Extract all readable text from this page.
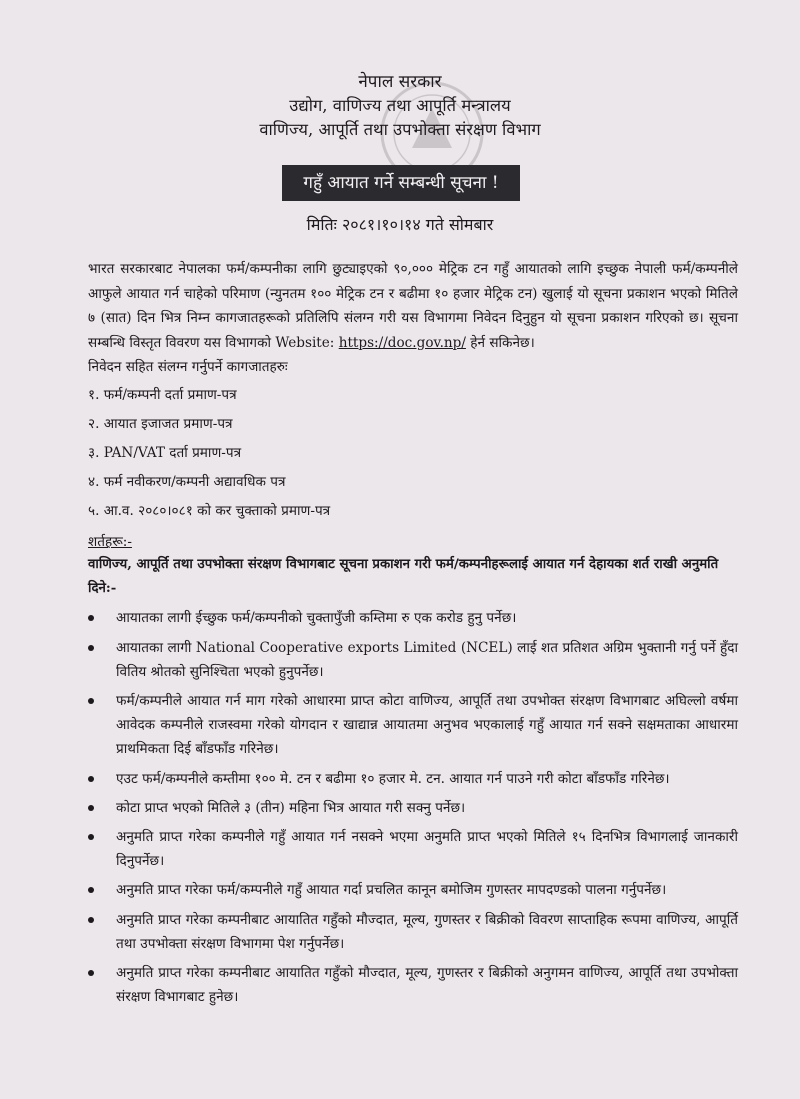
नेपाल सरकार
उद्योग, वाणिज्य तथा आपूर्ति मन्त्रालय
वाणिज्य, आपूर्ति तथा उपभोक्ता संरक्षण विभाग
गहुँ आयात गर्ने सम्बन्धी सूचना !
मितिः २०८१।१०।१४ गते सोमबार
भारत सरकारबाट नेपालका फर्म/कम्पनीका लागि छुट्याइएको ९०,००० मेट्रिक टन गहुँ आयातको लागि इच्छुक नेपाली फर्म/कम्पनीले आफुले आयात गर्न चाहेको परिमाण (न्युनतम १०० मेट्रिक टन र बढीमा १० हजार मेट्रिक टन) खुलाई यो सूचना प्रकाशन भएको मितिले ७ (सात) दिन भित्र निम्न कागजातहरूको प्रतिलिपि संलग्न गरी यस विभागमा निवेदन दिनुहुन यो सूचना प्रकाशन गरिएको छ। सूचना सम्बन्धि विस्तृत विवरण यस विभागको Website: https://doc.gov.np/ हेर्न सकिनेछ।
निवेदन सहित संलग्न गर्नुपर्ने कागजातहरुः
१. फर्म/कम्पनी दर्ता प्रमाण-पत्र
२. आयात इजाजत प्रमाण-पत्र
३. PAN/VAT दर्ता प्रमाण-पत्र
४. फर्म नवीकरण/कम्पनी अद्यावधिक पत्र
५. आ.व. २०८०।०८१ को कर चुक्ताको प्रमाण-पत्र
शर्तहरू:-
वाणिज्य, आपूर्ति तथा उपभोक्ता संरक्षण विभागबाट सूचना प्रकाशन गरी फर्म/कम्पनीहरूलाई आयात गर्न देहायका शर्त राखी अनुमति दिने:-
आयातका लागी ईच्छुक फर्म/कम्पनीको चुक्तापुँजी कम्तिमा रु एक करोड हुनु पर्नेछ।
आयातका लागी National Cooperative exports Limited (NCEL) लाई शत प्रतिशत अग्रिम भुक्तानी गर्नु पर्ने हुँदा वितिय श्रोतको सुनिश्चिता भएको हुनुपर्नेछ।
फर्म/कम्पनीले आयात गर्न माग गरेको आधारमा प्राप्त कोटा वाणिज्य, आपूर्ति तथा उपभोक्त संरक्षण विभागबाट अघिल्लो वर्षमा आवेदक कम्पनीले राजस्वमा गरेको योगदान र खाद्यान्न आयातमा अनुभव भएकालाई गहुँ आयात गर्न सक्ने सक्षमताका आधारमा प्राथमिकता दिई बाँडफाँड गरिनेछ।
एउट फर्म/कम्पनीले कम्तीमा १०० मे. टन र बढीमा १० हजार मे. टन. आयात गर्न पाउने गरी कोटा बाँडफाँड गरिनेछ।
कोटा प्राप्त भएको मितिले ३ (तीन) महिना भित्र आयात गरी सक्नु पर्नेछ।
अनुमति प्राप्त गरेका कम्पनीले गहुँ आयात गर्न नसक्ने भएमा अनुमति प्राप्त भएको मितिले १५ दिनभित्र विभागलाई जानकारी दिनुपर्नेछ।
अनुमति प्राप्त गरेका फर्म/कम्पनीले गहुँ आयात गर्दा प्रचलित कानून बमोजिम गुणस्तर मापदण्डको पालना गर्नुपर्नेछ।
अनुमति प्राप्त गरेका कम्पनीबाट आयातित गहुँको मौज्दात, मूल्य, गुणस्तर र बिक्रीको विवरण साप्ताहिक रूपमा वाणिज्य, आपूर्ति तथा उपभोक्ता संरक्षण विभागमा पेश गर्नुपर्नेछ।
अनुमति प्राप्त गरेका कम्पनीबाट आयातित गहुँको मौज्दात, मूल्य, गुणस्तर र बिक्रीको अनुगमन वाणिज्य, आपूर्ति तथा उपभोक्ता संरक्षण विभागबाट हुनेछ।
